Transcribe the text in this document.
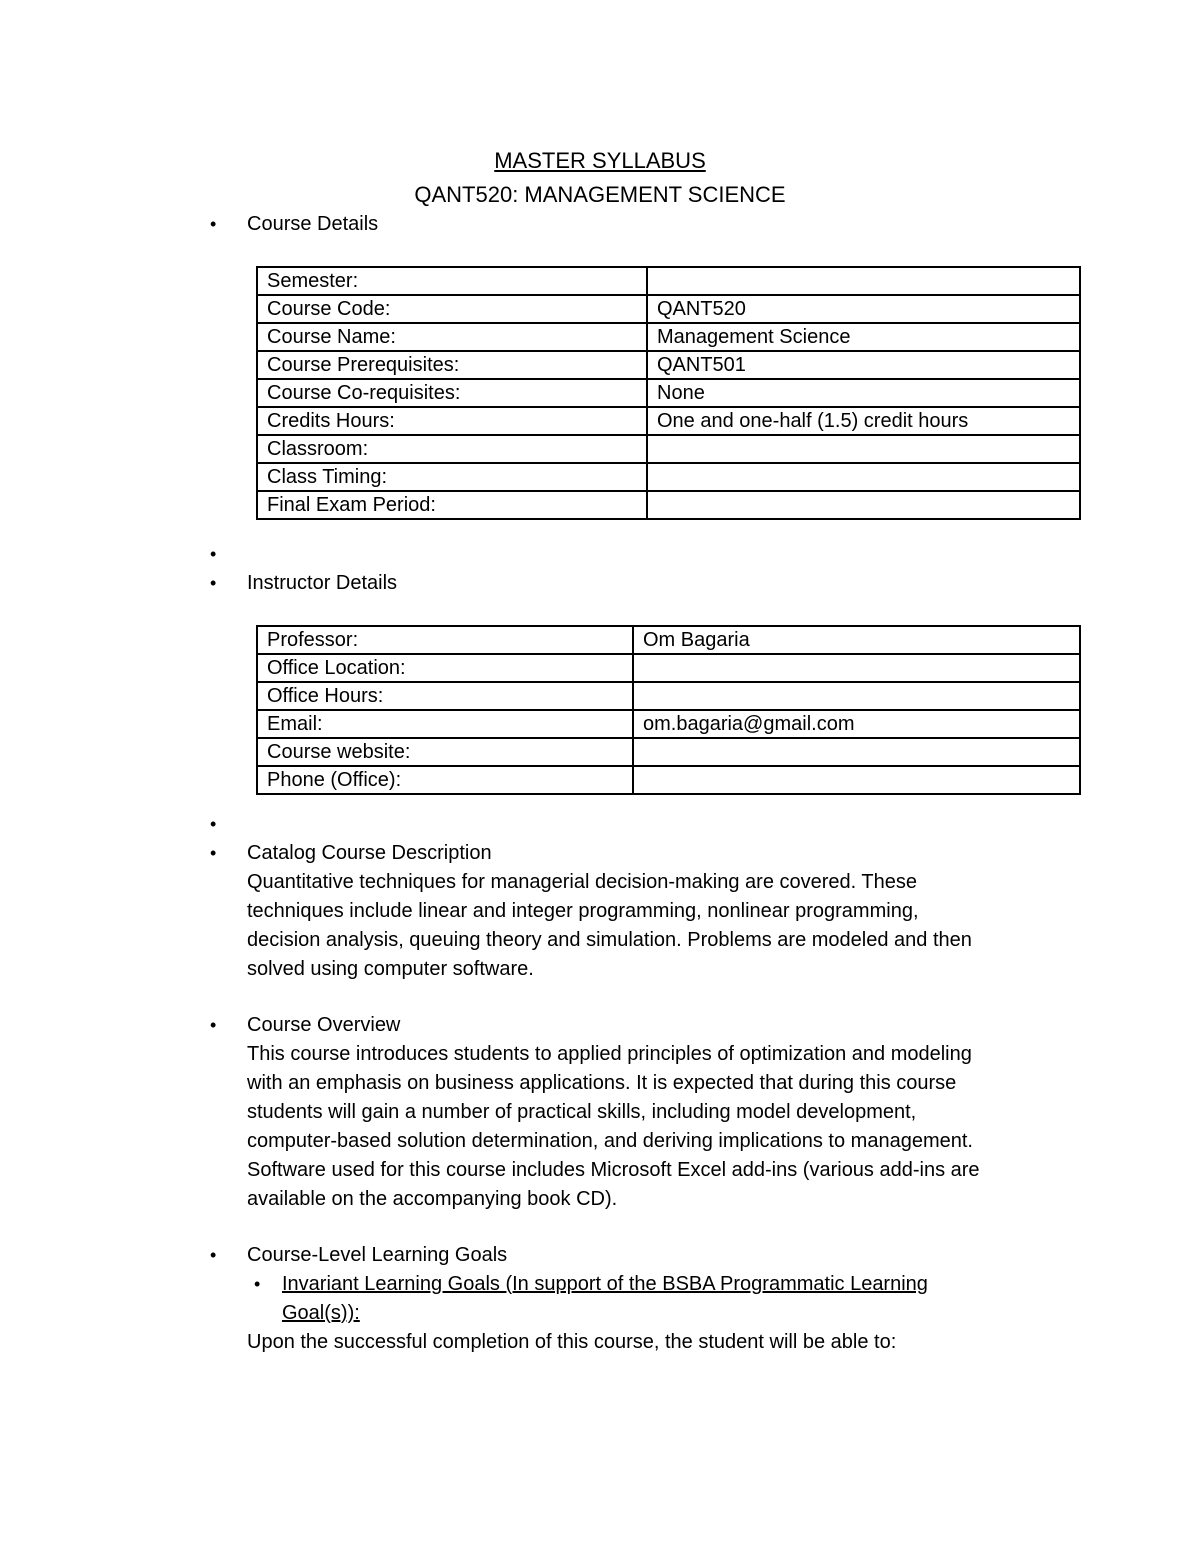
MASTER SYLLABUS
QANT520: MANAGEMENT SCIENCE
•	Course Details
Semester:	
Course Code:	QANT520
Course Name:	Management Science
Course Prerequisites:	QANT501
Course Co-requisites:	None
Credits Hours:	One and one-half (1.5) credit hours
Classroom:	
Class Timing:	
Final Exam Period:	
•
•	Instructor Details
Professor:	Om Bagaria
Office Location:	
Office Hours:	
Email:	om.bagaria@gmail.com
Course website:	
Phone (Office):	
•
•	Catalog Course Description

Quantitative techniques for managerial decision-making are covered. These

techniques include linear and integer programming, nonlinear programming,

decision analysis, queuing theory and simulation. Problems are modeled and then

solved using computer software.

•	Course Overview

This course introduces students to applied principles of optimization and modeling

with an emphasis on business applications. It is expected that during this course

students will gain a number of practical skills, including model development,

computer-based solution determination, and deriving implications to management.

Software used for this course includes Microsoft Excel add-ins (various add-ins are

available on the accompanying book CD).

•	Course-Level Learning Goals
• Invariant Learning Goals (In support of the BSBA Programmatic Learning
Goal(s)):
Upon the successful completion of this course, the student will be able to:
